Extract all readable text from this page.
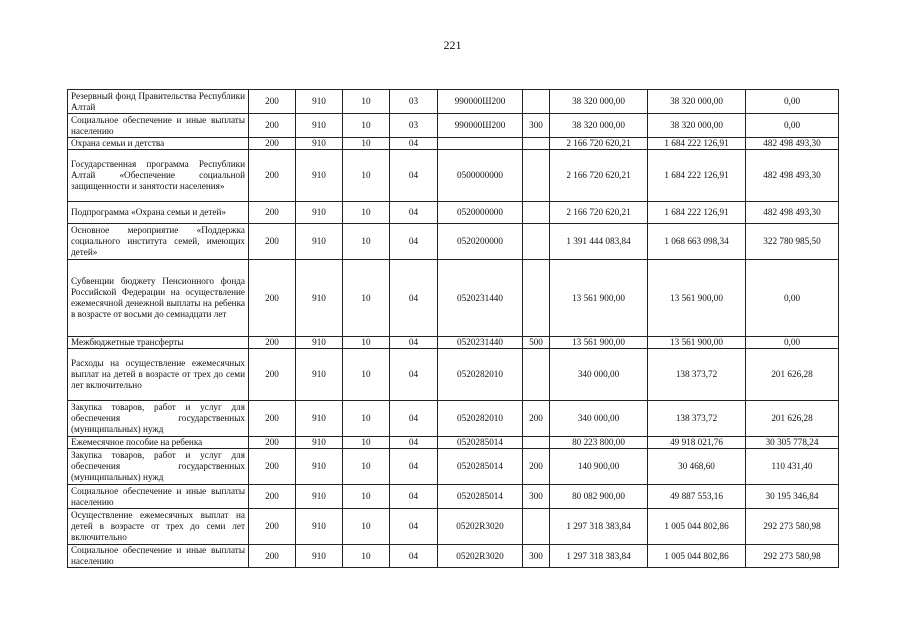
221
Резервный фонд Правительства Республики Алтай	200	910	10	03	990000Ш200		38 320 000,00	38 320 000,00	0,00
Социальное обеспечение и иные выплаты населению	200	910	10	03	990000Ш200	300	38 320 000,00	38 320 000,00	0,00
Охрана семьи и детства	200	910	10	04			2 166 720 620,21	1 684 222 126,91	482 498 493,30
Государственная программа Республики Алтай «Обеспечение социальной защищенности и занятости населения»	200	910	10	04	0500000000		2 166 720 620,21	1 684 222 126,91	482 498 493,30
Подпрограмма «Охрана семьи и детей»	200	910	10	04	0520000000		2 166 720 620,21	1 684 222 126,91	482 498 493,30
Основное мероприятие «Поддержка социального института семей, имеющих детей»	200	910	10	04	0520200000		1 391 444 083,84	1 068 663 098,34	322 780 985,50
Субвенции бюджету Пенсионного фонда Российской Федерации на осуществление ежемесячной денежной выплаты на ребенка в возрасте от восьми до семнадцати лет	200	910	10	04	0520231440		13 561 900,00	13 561 900,00	0,00
Межбюджетные трансферты	200	910	10	04	0520231440	500	13 561 900,00	13 561 900,00	0,00
Расходы на осуществление ежемесячных выплат на детей в возрасте от трех до семи лет включительно	200	910	10	04	0520282010		340 000,00	138 373,72	201 626,28
Закупка товаров, работ и услуг для обеспечения государственных (муниципальных) нужд	200	910	10	04	0520282010	200	340 000,00	138 373,72	201 626,28
Ежемесячное пособие на ребенка	200	910	10	04	0520285014		80 223 800,00	49 918 021,76	30 305 778,24
Закупка товаров, работ и услуг для обеспечения государственных (муниципальных) нужд	200	910	10	04	0520285014	200	140 900,00	30 468,60	110 431,40
Социальное обеспечение и иные выплаты населению	200	910	10	04	0520285014	300	80 082 900,00	49 887 553,16	30 195 346,84
Осуществление ежемесячных выплат на детей в возрасте от трех до семи лет включительно	200	910	10	04	05202R3020		1 297 318 383,84	1 005 044 802,86	292 273 580,98
Социальное обеспечение и иные выплаты населению	200	910	10	04	05202R3020	300	1 297 318 383,84	1 005 044 802,86	292 273 580,98
